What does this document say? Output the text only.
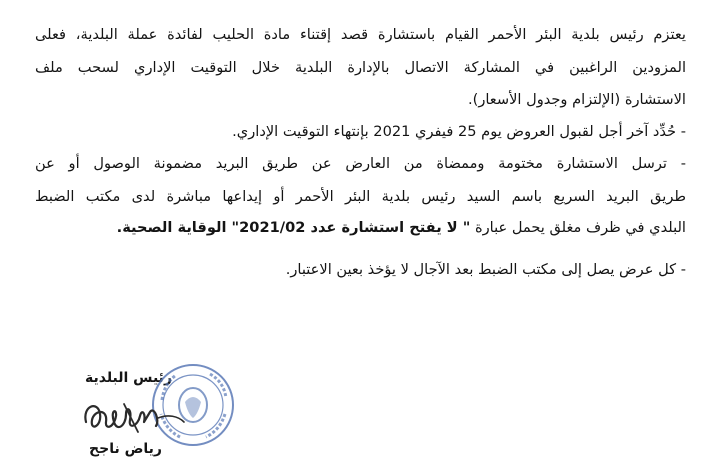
يعتزم رئيس بلدية البئر الأحمر القيام باستشارة قصد إقتناء مادة الحليب لفائدة عملة البلدية، فعلى
المزودين الراغبين في المشاركة الاتصال بالإدارة البلدية خلال التوقيت الإداري لسحب ملف
الاستشارة (الإلتزام وجدول الأسعار).
- حُدِّد آخر أجل لقبول العروض يوم 25 فيفري 2021 بإنتهاء التوقيت الإداري.
- ترسل الاستشارة مختومة وممضاة من العارض عن طريق البريد مضمونة الوصول أو عن
طريق البريد السريع باسم السيد رئيس بلدية البئر الأحمر أو إيداعها مباشرة لدى مكتب الضبط
البلدي في ظرف مغلق يحمل عبارة " لا يفتح استشارة عدد 2021/02" الوقاية الصحية.
- كل عرض يصل إلى مكتب الضبط بعد الآجال لا يؤخذ بعين الاعتبار.
رئيس البلدية
رياض ناجح
